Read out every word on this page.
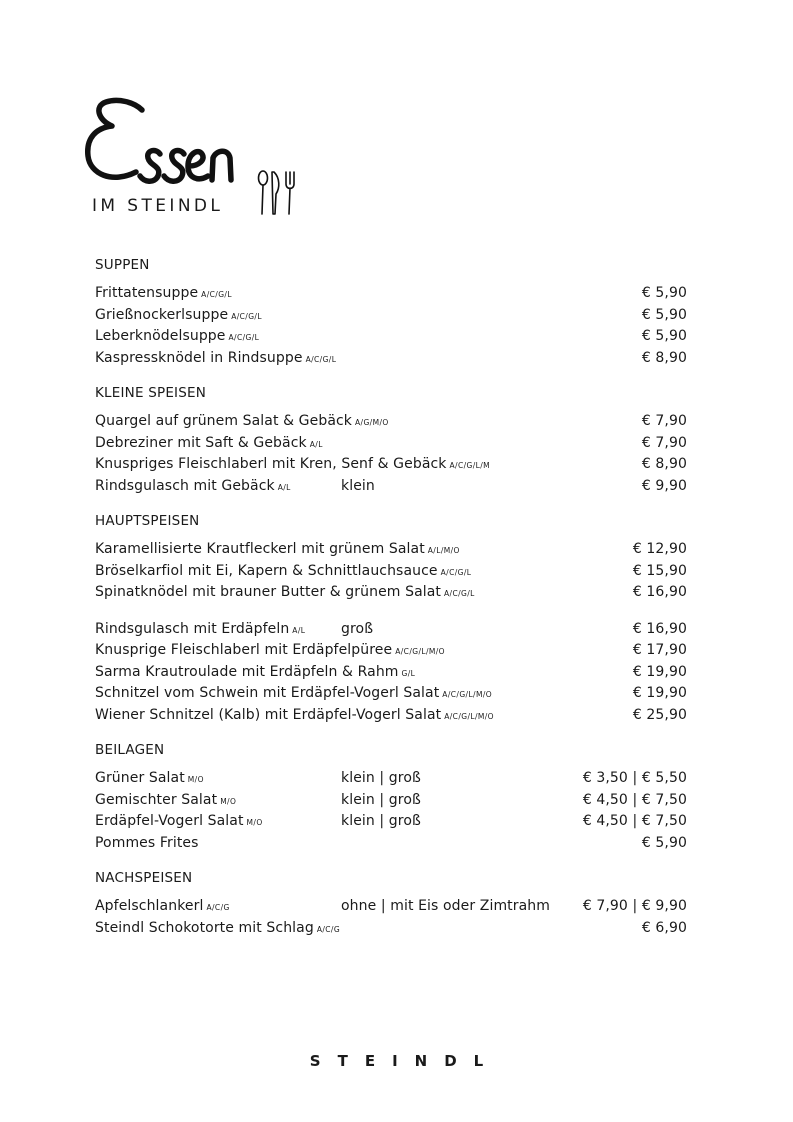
IM STEINDL
SUPPEN
Frittatensuppe A/C/G/L	€ 5,90
Grießnockerlsuppe A/C/G/L	€ 5,90
Leberknödelsuppe A/C/G/L	€ 5,90
Kaspressknödel in Rindsuppe A/C/G/L	€ 8,90
KLEINE SPEISEN
Quargel auf grünem Salat & Gebäck A/G/M/O	€ 7,90
Debreziner mit Saft & Gebäck A/L	€ 7,90
Knuspriges Fleischlaberl mit Kren, Senf & Gebäck A/C/G/L/M	€ 8,90
Rindsgulasch mit Gebäck A/L	klein	€ 9,90
HAUPTSPEISEN
Karamellisierte Krautfleckerl mit grünem Salat A/L/M/O	€ 12,90
Bröselkarfiol mit Ei, Kapern & Schnittlauchsauce A/C/G/L	€ 15,90
Spinatknödel mit brauner Butter & grünem Salat A/C/G/L	€ 16,90
Rindsgulasch mit Erdäpfeln A/L	groß	€ 16,90
Knusprige Fleischlaberl mit Erdäpfelpüree A/C/G/L/M/O	€ 17,90
Sarma Krautroulade mit Erdäpfeln & Rahm G/L	€ 19,90
Schnitzel vom Schwein mit Erdäpfel-Vogerl Salat A/C/G/L/M/O	€ 19,90
Wiener Schnitzel (Kalb) mit Erdäpfel-Vogerl Salat A/C/G/L/M/O	€ 25,90
BEILAGEN
Grüner Salat M/O	klein | groß	€ 3,50 | € 5,50
Gemischter Salat M/O	klein | groß	€ 4,50 | € 7,50
Erdäpfel-Vogerl Salat M/O	klein | groß	€ 4,50 | € 7,50
Pommes Frites	€ 5,90
NACHSPEISEN
Apfelschlankerl A/C/G	ohne | mit Eis oder Zimtrahm	€ 7,90 | € 9,90
Steindl Schokotorte mit Schlag A/C/G	€ 6,90
STEINDL
